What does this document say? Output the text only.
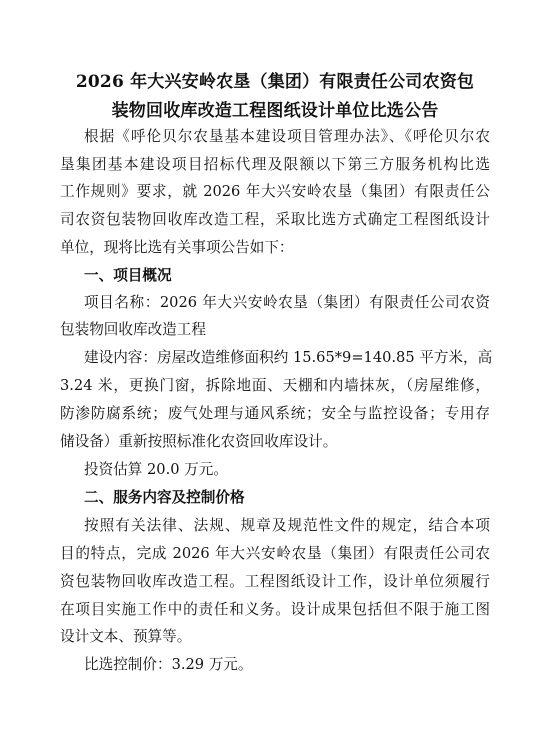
2026 年大兴安岭农垦（集团）有限责任公司农资包
装物回收库改造工程图纸设计单位比选公告
根据《呼伦贝尔农垦基本建设项目管理办法》、《呼伦贝尔农
垦集团基本建设项目招标代理及限额以下第三方服务机构比选
工作规则》要求，就 2026 年大兴安岭农垦（集团）有限责任公
司农资包装物回收库改造工程，采取比选方式确定工程图纸设计
单位，现将比选有关事项公告如下：
一、项目概况
项目名称：2026 年大兴安岭农垦（集团）有限责任公司农资
包装物回收库改造工程
建设内容：房屋改造维修面积约 15.65*9=140.85 平方米，高
3.24 米，更换门窗，拆除地面、天棚和内墙抹灰，（房屋维修，
防渗防腐系统；废气处理与通风系统；安全与监控设备；专用存
储设备）重新按照标准化农资回收库设计。
投资估算 20.0 万元。
二、服务内容及控制价格
按照有关法律、法规、规章及规范性文件的规定，结合本项
目的特点，完成 2026 年大兴安岭农垦（集团）有限责任公司农
资包装物回收库改造工程。工程图纸设计工作，设计单位须履行
在项目实施工作中的责任和义务。设计成果包括但不限于施工图
设计文本、预算等。
比选控制价：3.29 万元。
